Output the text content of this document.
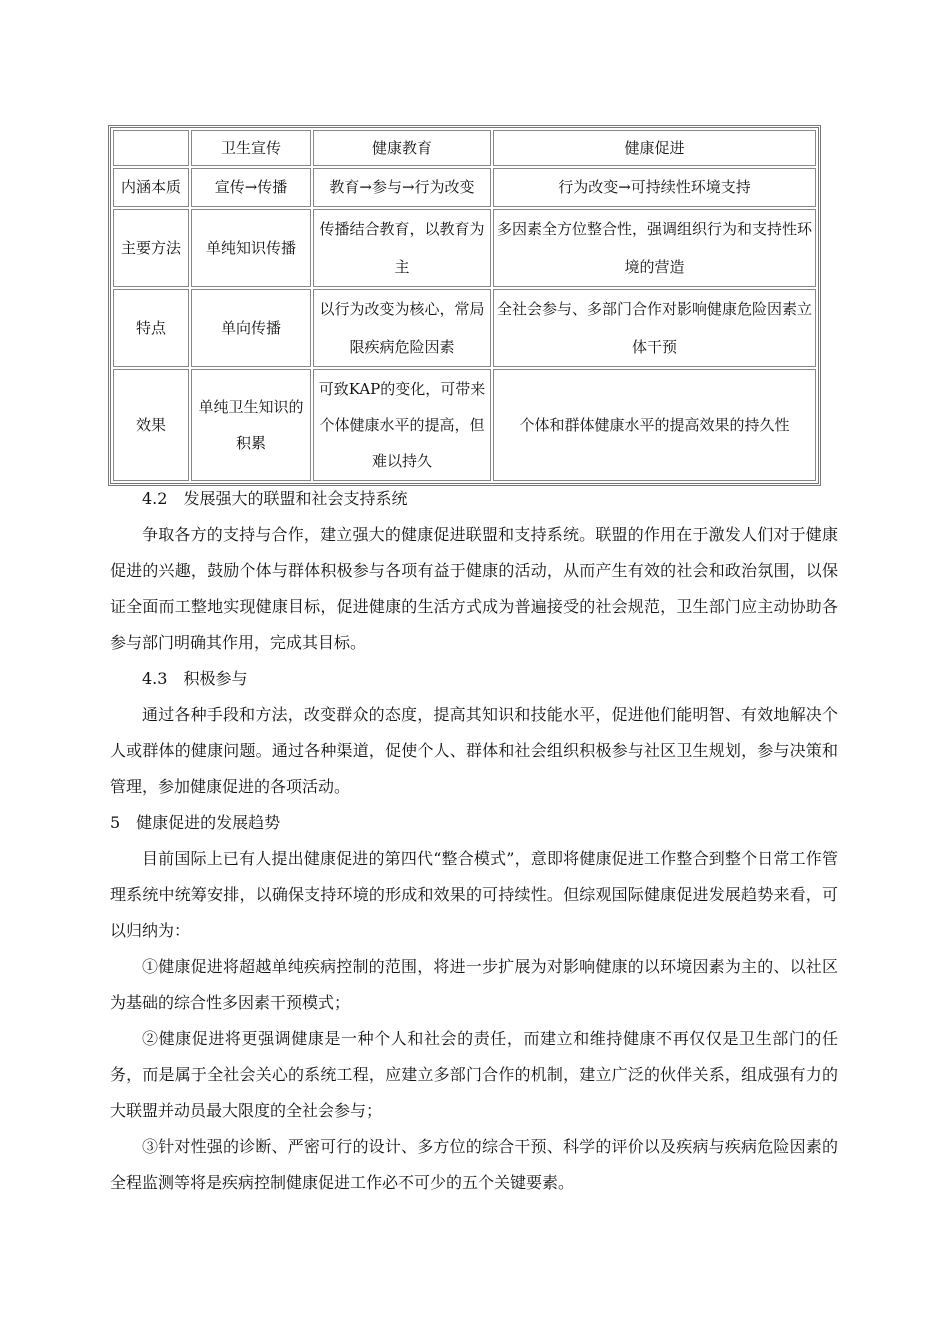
	卫生宣传	健康教育	健康促进
内涵本质	宣传→传播	教育→参与→行为改变	行为改变→可持续性环境支持
主要方法	单纯知识传播	传播结合教育，以教育为主	多因素全方位整合性，强调组织行为和支持性环境的营造
特点	单向传播	以行为改变为核心，常局限疾病危险因素	全社会参与、多部门合作对影响健康危险因素立体干预
效果	单纯卫生知识的积累	可致KAP的变化，可带来个体健康水平的提高，但难以持久	个体和群体健康水平的提高效果的持久性

4.2　发展强大的联盟和社会支持系统

争取各方的支持与合作，建立强大的健康促进联盟和支持系统。联盟的作用在于激发人们对于健康促进的兴趣，鼓励个体与群体积极参与各项有益于健康的活动，从而产生有效的社会和政治氛围，以保证全面而工整地实现健康目标，促进健康的生活方式成为普遍接受的社会规范，卫生部门应主动协助各参与部门明确其作用，完成其目标。

4.3　积极参与

通过各种手段和方法，改变群众的态度，提高其知识和技能水平，促进他们能明智、有效地解决个人或群体的健康问题。通过各种渠道，促使个人、群体和社会组织积极参与社区卫生规划，参与决策和管理，参加健康促进的各项活动。

5　健康促进的发展趋势

目前国际上已有人提出健康促进的第四代“整合模式”，意即将健康促进工作整合到整个日常工作管理系统中统筹安排，以确保支持环境的形成和效果的可持续性。但综观国际健康促进发展趋势来看，可以归纳为：

①健康促进将超越单纯疾病控制的范围，将进一步扩展为对影响健康的以环境因素为主的、以社区为基础的综合性多因素干预模式；

②健康促进将更强调健康是一种个人和社会的责任，而建立和维持健康不再仅仅是卫生部门的任务，而是属于全社会关心的系统工程，应建立多部门合作的机制，建立广泛的伙伴关系，组成强有力的大联盟并动员最大限度的全社会参与；

③针对性强的诊断、严密可行的设计、多方位的综合干预、科学的评价以及疾病与疾病危险因素的全程监测等将是疾病控制健康促进工作必不可少的五个关键要素。
